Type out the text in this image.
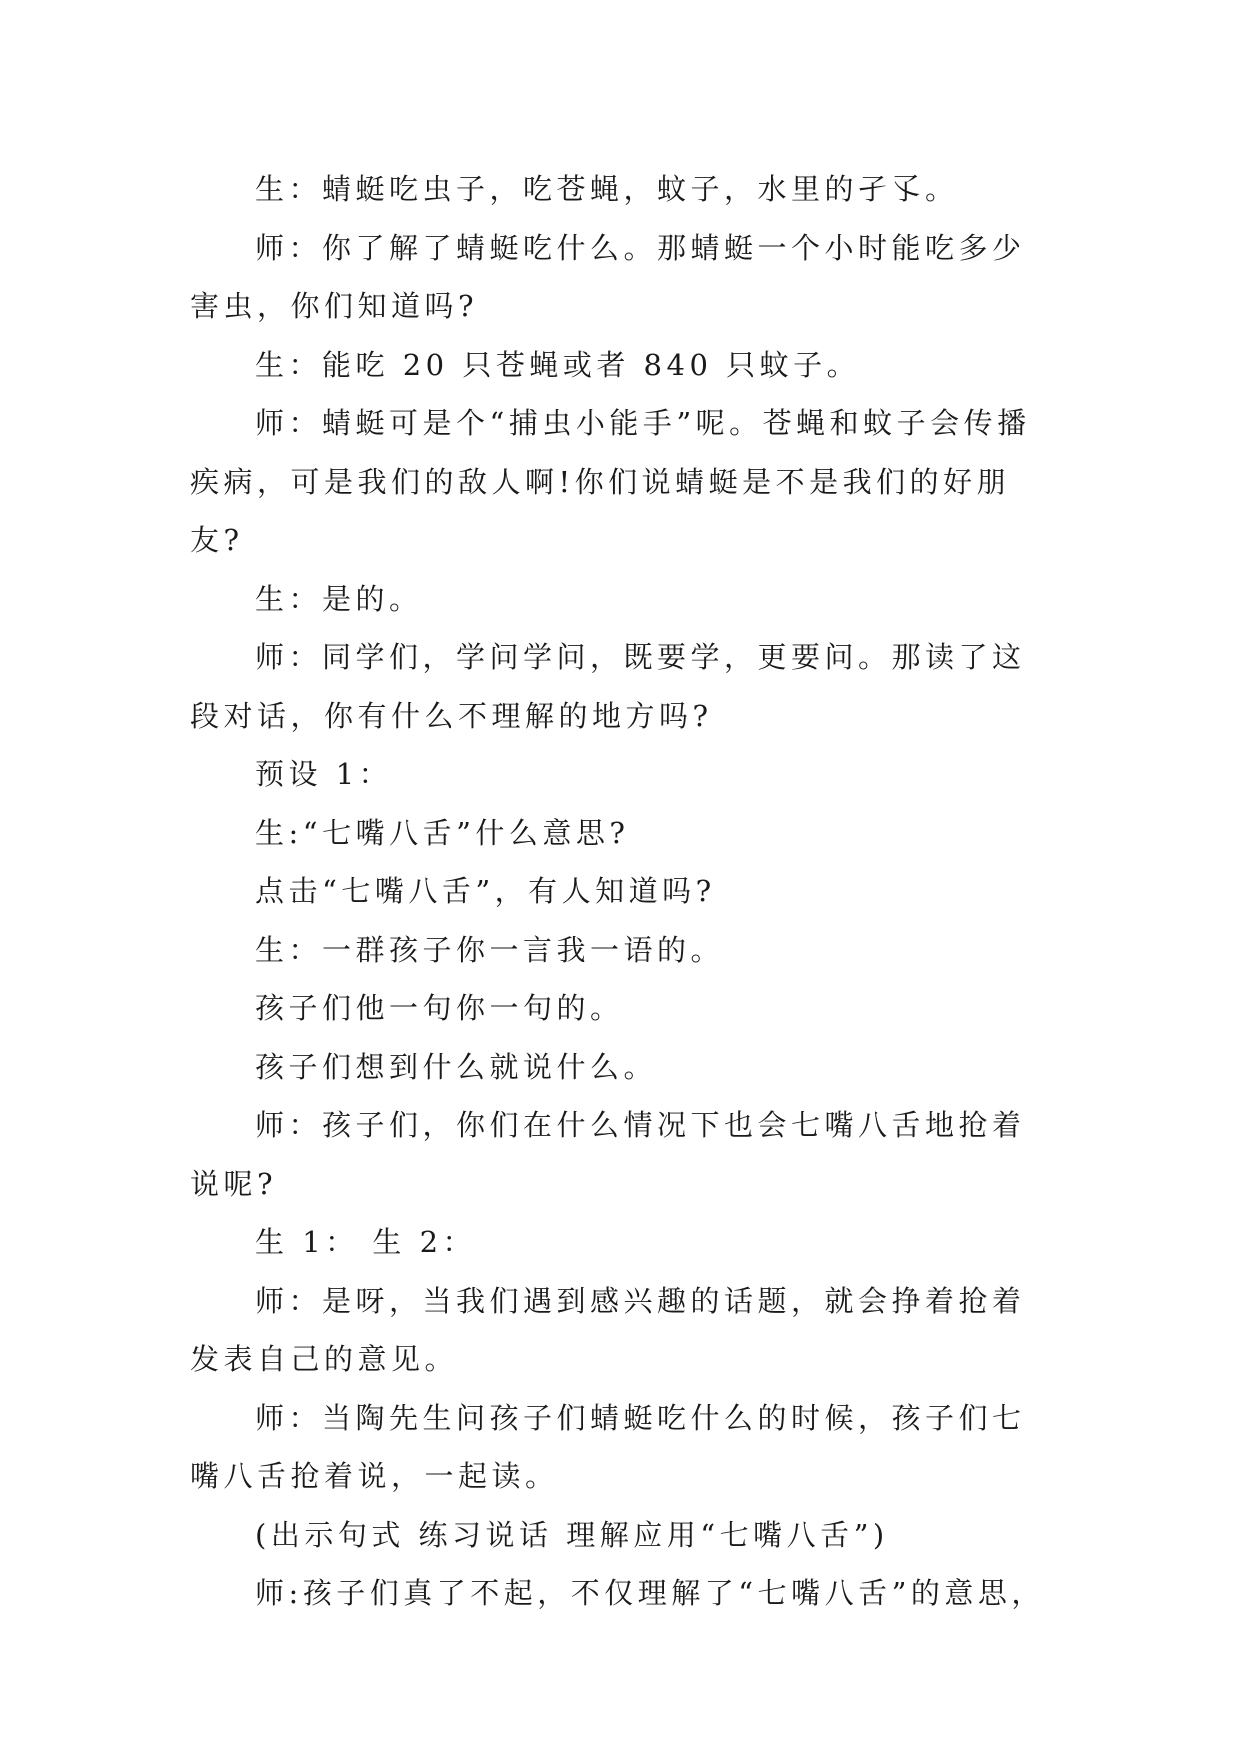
生：蜻蜓吃虫子，吃苍蝇，蚊子，水里的孑孓。

师：你了解了蜻蜓吃什么。那蜻蜓一个小时能吃多少害虫，你们知道吗?

生：能吃 20 只苍蝇或者 840 只蚊子。

师：蜻蜓可是个“捕虫小能手”呢。苍蝇和蚊子会传播疾病，可是我们的敌人啊!你们说蜻蜓是不是我们的好朋友?

生：是的。

师：同学们，学问学问，既要学，更要问。那读了这段对话，你有什么不理解的地方吗?

预设 1：

生:“七嘴八舌”什么意思?

点击“七嘴八舌”，有人知道吗?

生：一群孩子你一言我一语的。

孩子们他一句你一句的。

孩子们想到什么就说什么。

师：孩子们，你们在什么情况下也会七嘴八舌地抢着说呢?

生 1： 生 2：

师：是呀，当我们遇到感兴趣的话题，就会挣着抢着发表自己的意见。

师：当陶先生问孩子们蜻蜓吃什么的时候，孩子们七嘴八舌抢着说，一起读。

(出示句式 练习说话 理解应用“七嘴八舌”)

师:孩子们真了不起，不仅理解了“七嘴八舌”的意思，
